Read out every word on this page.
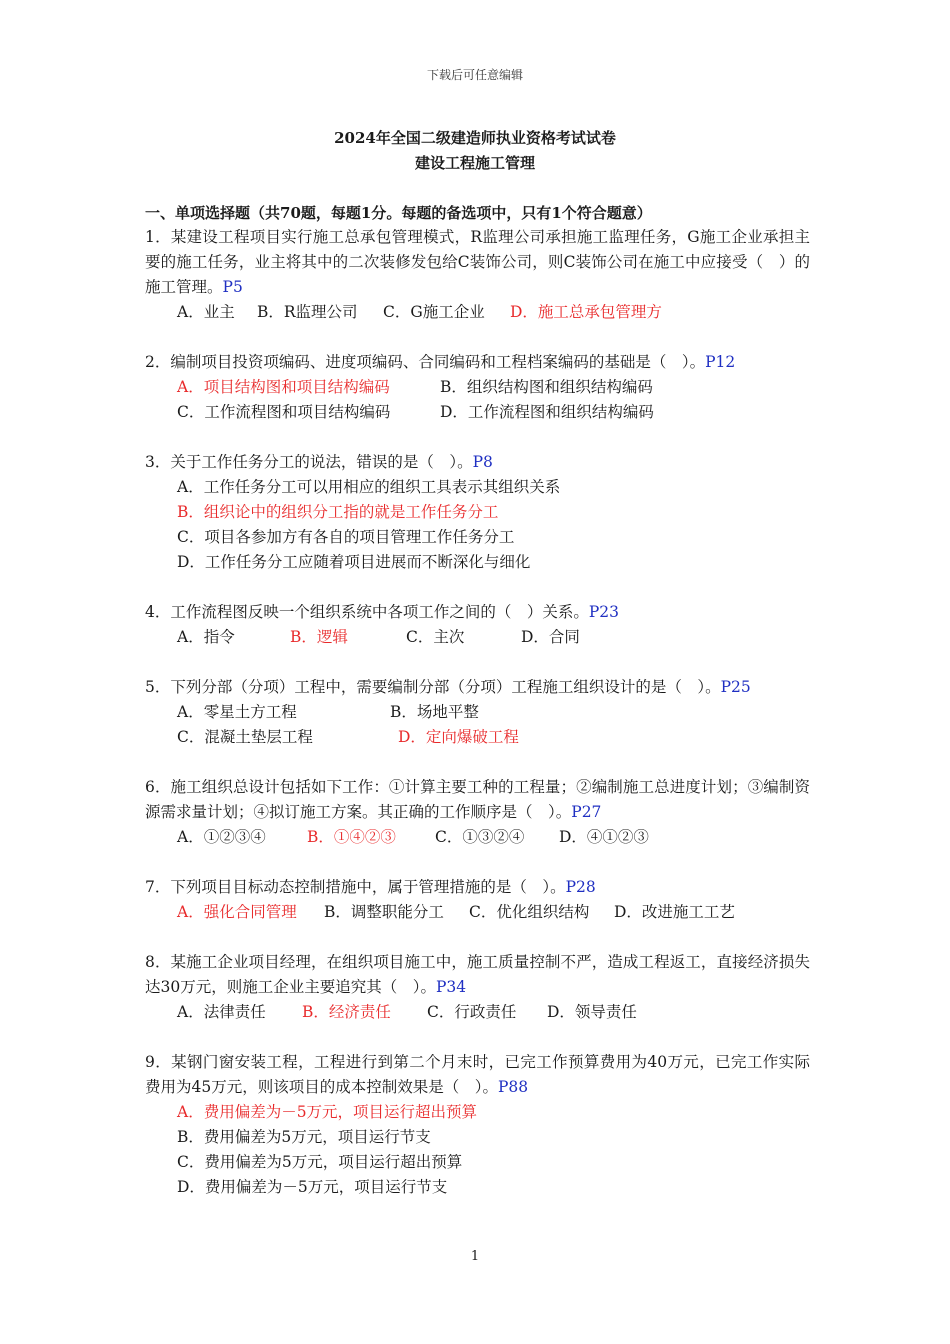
下载后可任意编辑
2024年全国二级建造师执业资格考试试卷
建设工程施工管理
一、单项选择题（共70题，每题1分。每题的备选项中，只有1个符合题意）
1．某建设工程项目实行施工总承包管理模式，R监理公司承担施工监理任务，G施工企业承担主要的施工任务，业主将其中的二次装修发包给C装饰公司，则C装饰公司在施工中应接受（　）的施工管理。P5
A．业主 B．R监理公司 C．G施工企业 D．施工总承包管理方
2．编制项目投资项编码、进度项编码、合同编码和工程档案编码的基础是（　）。P12
A．项目结构图和项目结构编码	B．组织结构图和组织结构编码
C．工作流程图和项目结构编码	D．工作流程图和组织结构编码
3．关于工作任务分工的说法，错误的是（　）。P8
A．工作任务分工可以用相应的组织工具表示其组织关系
B．组织论中的组织分工指的就是工作任务分工
C．项目各参加方有各自的项目管理工作任务分工
D．工作任务分工应随着项目进展而不断深化与细化
4．工作流程图反映一个组织系统中各项工作之间的（　）关系。P23
A．指令	B．逻辑	C．主次	D．合同
5．下列分部（分项）工程中，需要编制分部（分项）工程施工组织设计的是（　）。P25
A．零星土方工程	B．场地平整
C．混凝土垫层工程	D．定向爆破工程
6．施工组织总设计包括如下工作：①计算主要工种的工程量；②编制施工总进度计划；③编制资源需求量计划；④拟订施工方案。其正确的工作顺序是（　）。P27
A．①②③④	B．①④②③	C．①③②④ D．④①②③
7．下列项目目标动态控制措施中，属于管理措施的是（　）。P28
A．强化合同管理 B．调整职能分工 C．优化组织结构 D．改进施工工艺
8．某施工企业项目经理，在组织项目施工中，施工质量控制不严，造成工程返工，直接经济损失达30万元，则施工企业主要追究其（　）。P34
A．法律责任 B．经济责任 C．行政责任 D．领导责任
9．某钢门窗安装工程，工程进行到第二个月末时，已完工作预算费用为40万元，已完工作实际费用为45万元，则该项目的成本控制效果是（　）。P88
A．费用偏差为－5万元，项目运行超出预算
B．费用偏差为5万元，项目运行节支
C．费用偏差为5万元，项目运行超出预算
D．费用偏差为－5万元，项目运行节支
1
